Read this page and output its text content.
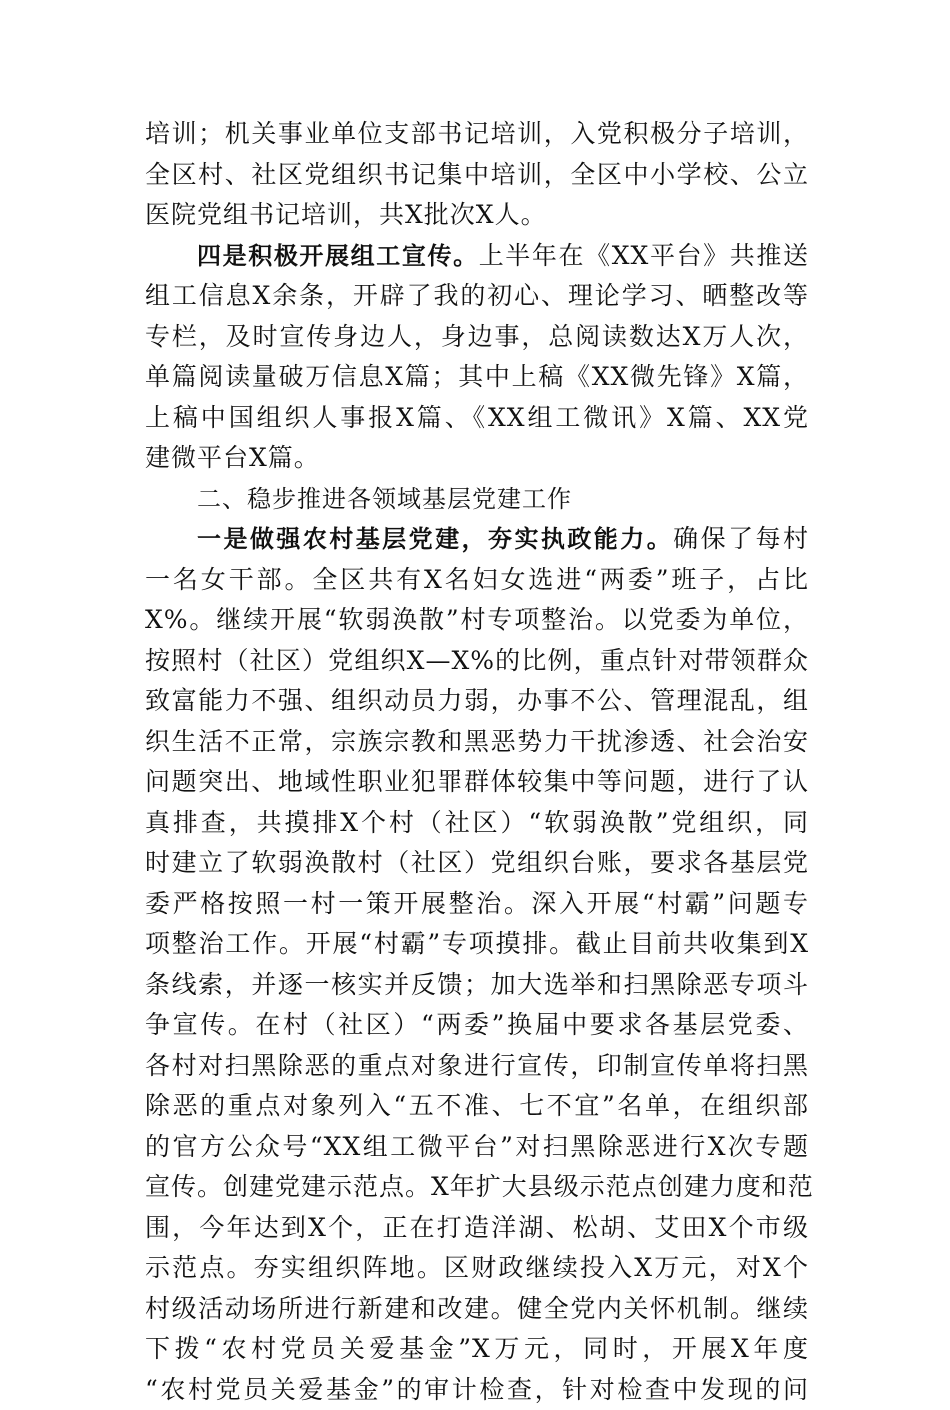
培训；机关事业单位支部书记培训，入党积极分子培训，
全区村、社区党组织书记集中培训，全区中小学校、公立
医院党组书记培训，共X批次X人。
四是积极开展组工宣传。上半年在《XX平台》共推送
组工信息X余条，开辟了我的初心、理论学习、晒整改等
专栏，及时宣传身边人，身边事，总阅读数达X万人次，
单篇阅读量破万信息X篇；其中上稿《XX微先锋》X篇，
上稿中国组织人事报X篇、《XX组工微讯》X篇、XX党
建微平台X篇。
二、稳步推进各领域基层党建工作
一是做强农村基层党建，夯实执政能力。确保了每村
一名女干部。全区共有X名妇女选进“两委”班子，占比
X%。继续开展“软弱涣散”村专项整治。以党委为单位，
按照村（社区）党组织X—X%的比例，重点针对带领群众
致富能力不强、组织动员力弱，办事不公、管理混乱，组
织生活不正常，宗族宗教和黑恶势力干扰渗透、社会治安
问题突出、地域性职业犯罪群体较集中等问题，进行了认
真排查，共摸排X个村（社区）“软弱涣散”党组织，同
时建立了软弱涣散村（社区）党组织台账，要求各基层党
委严格按照一村一策开展整治。深入开展“村霸”问题专
项整治工作。开展“村霸”专项摸排。截止目前共收集到X
条线索，并逐一核实并反馈；加大选举和扫黑除恶专项斗
争宣传。在村（社区）“两委”换届中要求各基层党委、
各村对扫黑除恶的重点对象进行宣传，印制宣传单将扫黑
除恶的重点对象列入“五不准、七不宜”名单，在组织部
的官方公众号“XX组工微平台”对扫黑除恶进行X次专题
宣传。创建党建示范点。X年扩大县级示范点创建力度和范
围，今年达到X个，正在打造洋湖、松胡、艾田X个市级
示范点。夯实组织阵地。区财政继续投入X万元，对X个
村级活动场所进行新建和改建。健全党内关怀机制。继续
下拨“农村党员关爱基金”X万元，同时，开展X年度
“农村党员关爱基金”的审计检查，针对检查中发现的问
